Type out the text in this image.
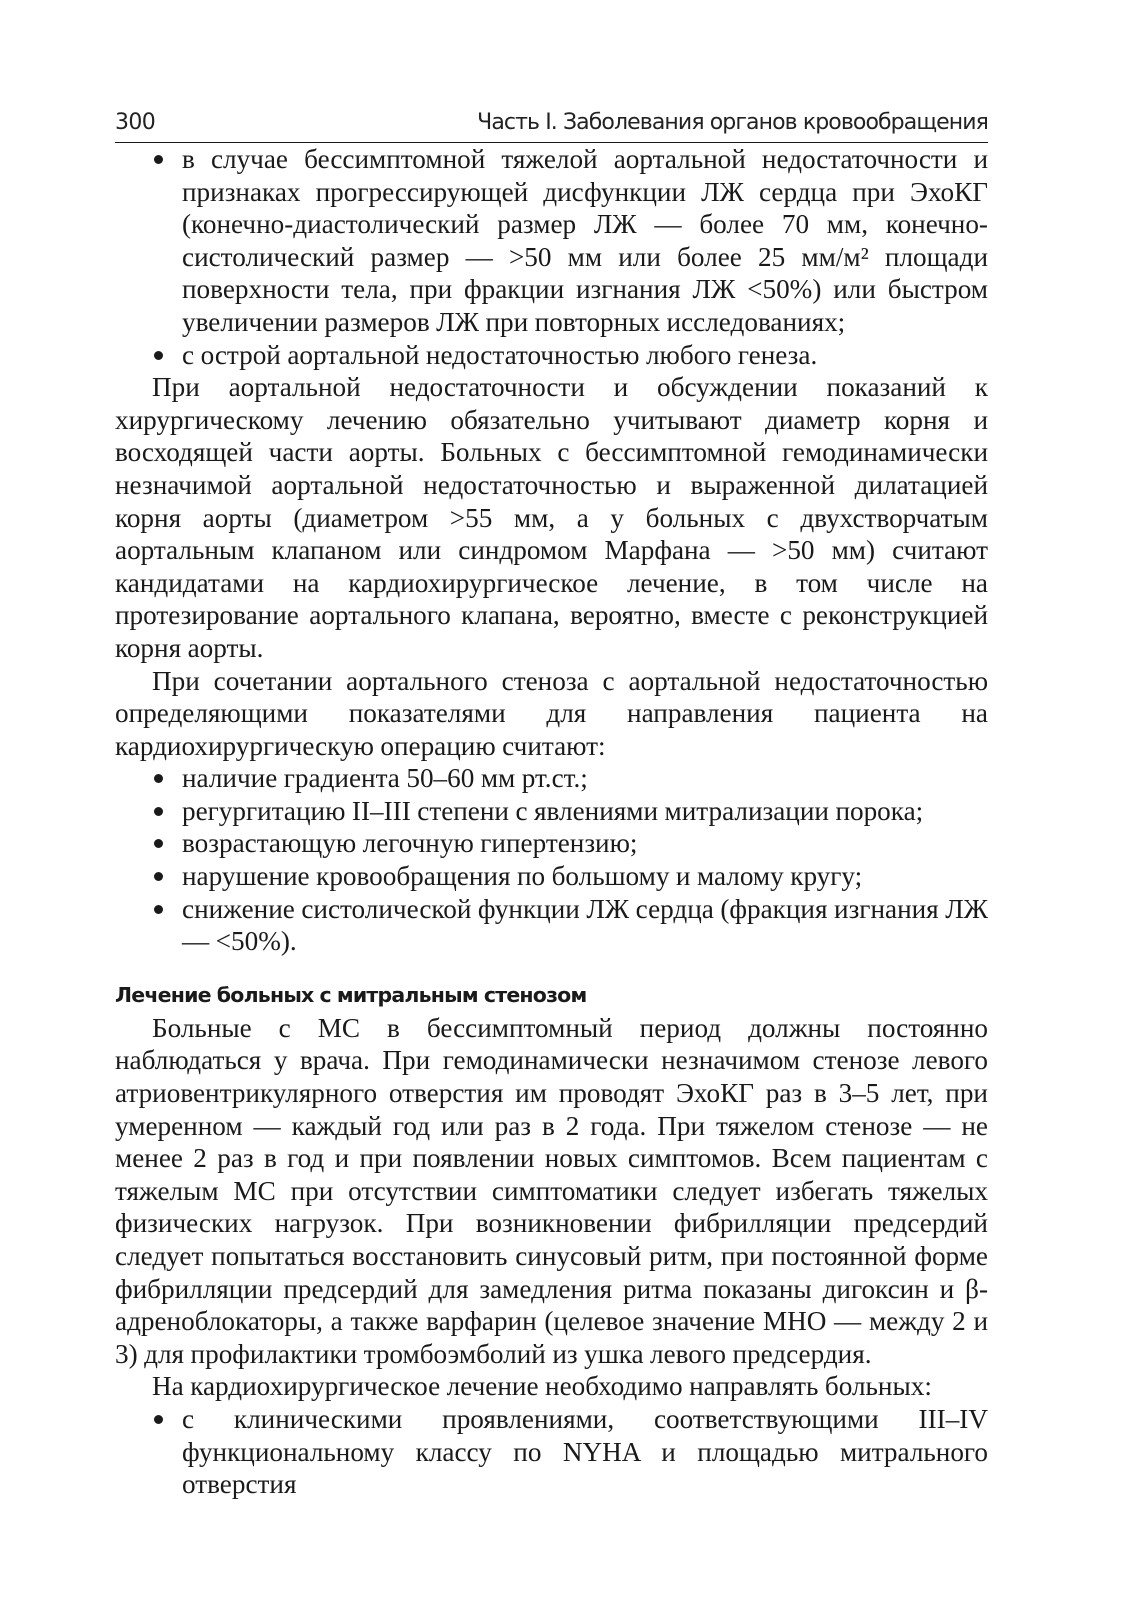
300	Часть I. Заболевания органов кровообращения
в случае бессимптомной тяжелой аортальной недостаточности и признаках прогрессирующей дисфункции ЛЖ сердца при ЭхоКГ (конечно-диастолический размер ЛЖ — более 70 мм, конечно-систолический размер — >50 мм или более 25 мм/м² площади поверхности тела, при фракции изгнания ЛЖ <50%) или быстром увеличении размеров ЛЖ при повторных исследованиях;
с острой аортальной недостаточностью любого генеза.

При аортальной недостаточности и обсуждении показаний к хирургическому лечению обязательно учитывают диаметр корня и восходящей части аорты. Больных с бессимптомной гемодинамически незначимой аортальной недостаточностью и выраженной дилатацией корня аорты (диаметром >55 мм, а у больных с двухстворчатым аортальным клапаном или синдромом Марфана — >50 мм) считают кандидатами на кардиохирургическое лечение, в том числе на протезирование аортального клапана, вероятно, вместе с реконструкцией корня аорты.

При сочетании аортального стеноза с аортальной недостаточностью определяющими показателями для направления пациента на кардиохирургическую операцию считают:

наличие градиента 50–60 мм рт.ст.;
регургитацию II–III степени с явлениями митрализации порока;
возрастающую легочную гипертензию;
нарушение кровообращения по большому и малому кругу;
снижение систолической функции ЛЖ сердца (фракция изгнания ЛЖ — <50%).
Лечение больных с митральным стенозом

Больные с МС в бессимптомный период должны постоянно наблюдаться у врача. При гемодинамически незначимом стенозе левого атриовентрикулярного отверстия им проводят ЭхоКГ раз в 3–5 лет, при умеренном — каждый год или раз в 2 года. При тяжелом стенозе — не менее 2 раз в год и при появлении новых симптомов. Всем пациентам с тяжелым МС при отсутствии симптоматики следует избегать тяжелых физических нагрузок. При возникновении фибрилляции предсердий следует попытаться восстановить синусовый ритм, при постоянной форме фибрилляции предсердий для замедления ритма показаны дигоксин и β-адреноблокаторы, а также варфарин (целевое значение МНО — между 2 и 3) для профилактики тромбоэмболий из ушка левого предсердия.

На кардиохирургическое лечение необходимо направлять больных:

с клиническими проявлениями, соответствующими III–IV функциональному классу по NYHA и площадью митрального отверстия
